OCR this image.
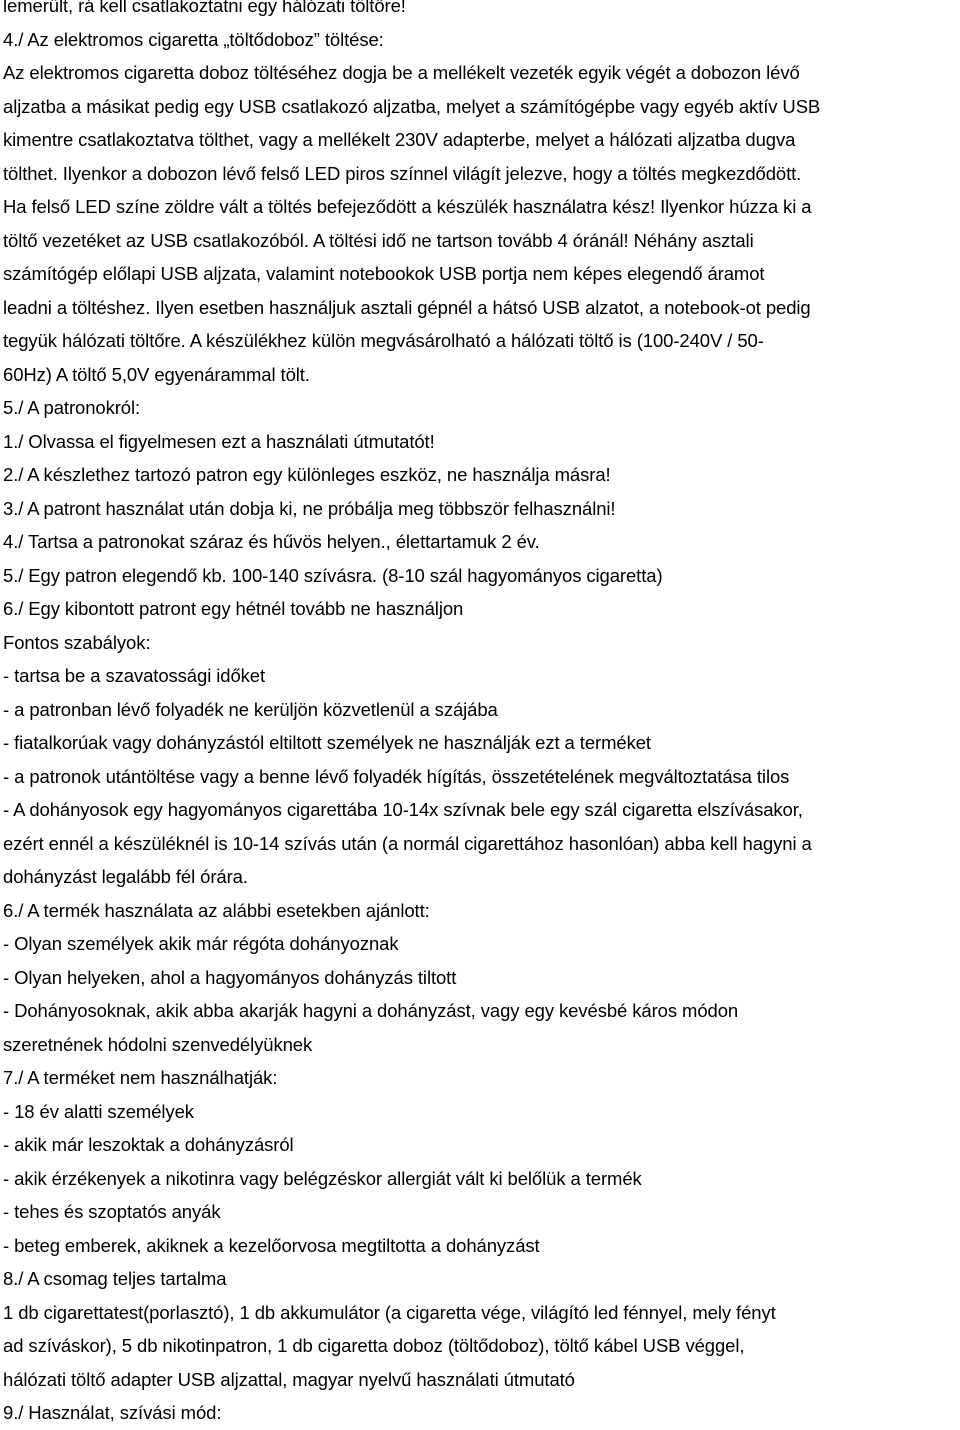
lemerült, rá kell csatlakoztatni egy hálózati töltőre!
4./ Az elektromos cigaretta „töltődoboz” töltése:
Az elektromos cigaretta doboz töltéséhez dogja be a mellékelt vezeték egyik végét a dobozon lévő
aljzatba a másikat pedig egy USB csatlakozó aljzatba, melyet a számítógépbe vagy egyéb aktív USB
kimentre csatlakoztatva tölthet, vagy a mellékelt 230V adapterbe, melyet a hálózati aljzatba dugva
tölthet. Ilyenkor a dobozon lévő felső LED piros színnel világít jelezve, hogy a töltés megkezdődött.
Ha felső LED színe zöldre vált a töltés befejeződött a készülék használatra kész! Ilyenkor húzza ki a
töltő vezetéket az USB csatlakozóból. A töltési idő ne tartson tovább 4 óránál! Néhány asztali
számítógép előlapi USB aljzata, valamint notebookok USB portja nem képes elegendő áramot
leadni a töltéshez. Ilyen esetben használjuk asztali gépnél a hátsó USB alzatot, a notebook-ot pedig
tegyük hálózati töltőre. A készülékhez külön megvásárolható a hálózati töltő is (100-240V / 50-
60Hz) A töltő 5,0V egyenárammal tölt.
5./ A patronokról:
1./ Olvassa el figyelmesen ezt a használati útmutatót!
2./ A készlethez tartozó patron egy különleges eszköz, ne használja másra!
3./ A patront használat után dobja ki, ne próbálja meg többször felhasználni!
4./ Tartsa a patronokat száraz és hűvös helyen., élettartamuk 2 év.
5./ Egy patron elegendő kb. 100-140 szívásra. (8-10 szál hagyományos cigaretta)
6./ Egy kibontott patront egy hétnél tovább ne használjon
Fontos szabályok:
- tartsa be a szavatossági időket
- a patronban lévő folyadék ne kerüljön közvetlenül a szájába
- fiatalkorúak vagy dohányzástól eltiltott személyek ne használják ezt a terméket
- a patronok utántöltése vagy a benne lévő folyadék hígítás, összetételének megváltoztatása tilos
- A dohányosok egy hagyományos cigarettába 10-14x szívnak bele egy szál cigaretta elszívásakor,
ezért ennél a készüléknél is 10-14 szívás után (a normál cigarettához hasonlóan) abba kell hagyni a
dohányzást legalább fél órára.
6./ A termék használata az alábbi esetekben ajánlott:
- Olyan személyek akik már régóta dohányoznak
- Olyan helyeken, ahol a hagyományos dohányzás tiltott
- Dohányosoknak, akik abba akarják hagyni a dohányzást, vagy egy kevésbé káros módon
szeretnének hódolni szenvedélyüknek
7./ A terméket nem használhatják:
- 18 év alatti személyek
- akik már leszoktak a dohányzásról
- akik érzékenyek a nikotinra vagy belégzéskor allergiát vált ki belőlük a termék
- tehes és szoptatós anyák
- beteg emberek, akiknek a kezelőorvosa megtiltotta a dohányzást
8./ A csomag teljes tartalma
1 db cigarettatest(porlasztó), 1 db akkumulátor (a cigaretta vége, világító led fénnyel, mely fényt
ad szíváskor), 5 db nikotinpatron, 1 db cigaretta doboz (töltődoboz), töltő kábel USB véggel,
hálózati töltő adapter USB aljzattal, magyar nyelvű használati útmutató
9./ Használat, szívási mód:
